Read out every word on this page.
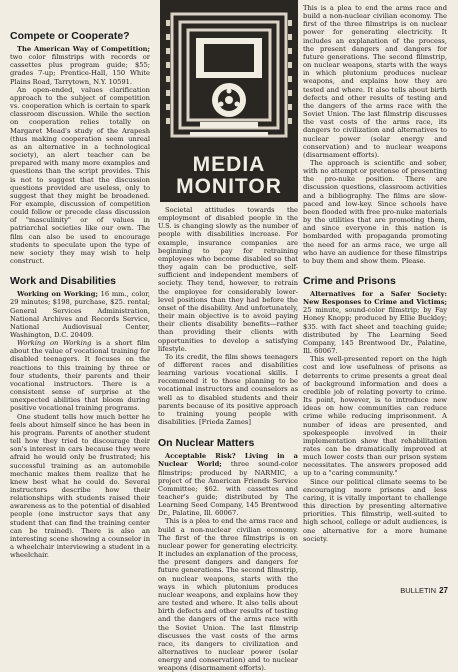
MEDIA
MONITOR
Compete or Cooperate?

The American Way of Competition; two color filmstrips with records or cassettes plus program guide; $55; grades 7-up; Prentice-Hall, 150 White Plains Road, Tarrytown, N.Y. 10591.

An open-ended, values clarification approach to the subject of competition vs. cooperation which is certain to spark classroom discussion. While the section on cooperation relies totally on Margaret Mead's study of the Arapesh (thus making cooperation seem unreal as an alternative in a technological society), an alert teacher can be prepared with many more examples and questions than the script provides. This is not to suggest that the discussion questions provided are useless, only to suggest that they might be broadened. For example, discussion of competition could follow or precede class discussion of "masculinity" or of values in patriarchal societies like our own. The film can also be used to encourage students to speculate upon the type of new society they may wish to help construct.

Work and Disabilities

Working on Working; 16 mm., color, 29 minutes; $198, purchase, $25. rental; General Services Administration, National Archives and Records Service, National Audiovisual Center, Washington, D.C. 20409.

Working on Working is a short film about the value of vocational training for disabled teenagers. It focuses on the reactions to this training by three or four students, their parents and their vocational instructors. There is a consistent sense of surprise at the unexpected abilities that bloom during positive vocational training programs.

One student tells how much better he feels about himself since he has been in his program. Parents of another student tell how they tried to discourage their son's interest in cars because they were afraid he would only be frustrated; his successful training as an automobile mechanic makes them realize that he knew best what he could do. Several instructors describe how their relationships with students raised their awareness as to the potential of disabled people (one instructor says that any student that can find the training center can be trained). There is also an interesting scene showing a counselor in a wheelchair interviewing a student in a wheelchair.

Societal attitudes towards the employment of disabled people in the U.S. is changing slowly as the number of people with disabilities increase. For example, insurance companies are beginning to pay for retraining employees who become disabled so that they again can be productive, self-sufficient and independent members of society. They tend, however, to retrain the employee for considerably lower-level positions than they had before the onset of the disability. And unfortunately, their main objective is to avoid paying their clients disability benefits—rather than providing their clients with opportunities to develop a satisfying lifestyle.

To its credit, the film shows teenagers of different races and disabilities learning various vocational skills. I recommend it to those planning to be vocational instructors and counselors as well as to disabled students and their parents because of its positive approach to training young people with disabilities. [Frieda Zames]

On Nuclear Matters

Acceptable Risk? Living in a Nuclear World; three sound-color filmstrips; produced by NARMIC, a project of the American Friends Service Committee; $62. with cassettes and teacher's guide; distributed by The Learning Seed Company, 145 Brentwood Dr., Palatine, Ill. 60067.

This is a plea to end the arms race and build a non-nuclear civilian economy. The first of the three filmstrips is on nuclear power for generating electricity. It includes an explanation of the process, the present dangers and dangers for future generations. The second filmstrip, on nuclear weapons, starts with the ways in which plutonium produces nuclear weapons, and explains how they are tested and where. It also tells about birth defects and other results of testing and the dangers of the arms race with the Soviet Union. The last filmstrip discusses the vast costs of the arms race, its dangers to civilization and alternatives to nuclear power (solar energy and conservation) and to nuclear weapons (disarmament efforts).

This is a plea to end the arms race and build a non-nuclear civilian economy. The first of the three filmstrips is on nuclear power for generating electricity. It includes an explanation of the process, the present dangers and dangers for future generations. The second filmstrip, on nuclear weapons, starts with the ways in which plutonium produces nuclear weapons, and explains how they are tested and where. It also tells about birth defects and other results of testing and the dangers of the arms race with the Soviet Union. The last filmstrip discusses the vast costs of the arms race, its dangers to civilization and alternatives to nuclear power (solar energy and conservation) and to nuclear weapons (disarmament efforts).

The approach is scientific and sober, with no attempt or pretense of presenting the pro-nuke position. There are discussion questions, classroom activities and a bibliography. The films are slow-paced and low-key. Since schools have been flooded with free pro-nuke materials by the utilities that are promoting them, and since everyone in this nation is bombarded with propaganda promoting the need for an arms race, we urge all who have an audience for these filmstrips to buy them and show them. Please.

Crime and Prisons

Alternatives for a Safer Society: New Responses to Crime and Victims; 25 minute, sound-color filmstrip; by Fay Honey Knopp; produced by Ellie Buckley; $35. with fact sheet and teaching guide; distributed by The Learning Seed Company, 145 Brentwood Dr., Palatine, Ill. 60067.

This well-presented report on the high cost and low usefulness of prisons as deterrents to crime presents a great deal of background information and does a credible job of relating poverty to crime. Its point, however, is to introduce new ideas on how communities can reduce crime while reducing imprisonment. A number of ideas are presented, and spokespeople involved in their implementation show that rehabilitation rates can be dramatically improved at much lower costs than our prison system necessitates. The answers proposed add up to a "caring community."

Since our political climate seems to be encouraging more prisons and less caring, it is vitally important to challenge this direction by presenting alternative priorities. This filmstrip, well-suited to high school, college or adult audiences, is one alternative for a more humane society.

BULLETIN 27
